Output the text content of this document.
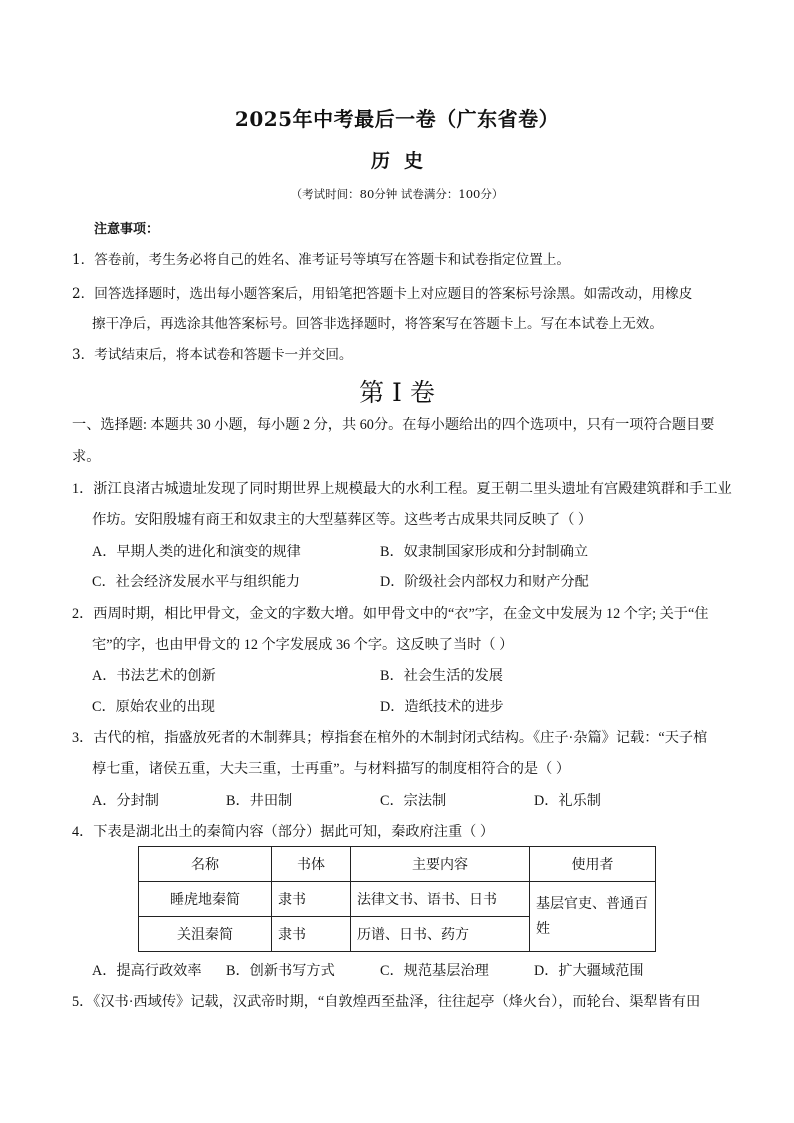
2025年中考最后一卷（广东省卷）
历史
（考试时间：80分钟 试卷满分：100分）
注意事项：
1．答卷前，考生务必将自己的姓名、准考证号等填写在答题卡和试卷指定位置上。
2．回答选择题时，选出每小题答案后，用铅笔把答题卡上对应题目的答案标号涂黑。如需改动，用橡皮
擦干净后，再选涂其他答案标号。回答非选择题时，将答案写在答题卡上。写在本试卷上无效。
3．考试结束后，将本试卷和答题卡一并交回。
第 I 卷
一、选择题: 本题共 30 小题，每小题 2 分，共 60分。在每小题给出的四个选项中，只有一项符合题目要
求。
1．浙江良渚古城遗址发现了同时期世界上规模最大的水利工程。夏王朝二里头遗址有宫殿建筑群和手工业
作坊。安阳殷墟有商王和奴隶主的大型墓葬区等。这些考古成果共同反映了（ ）
A．早期人类的进化和演变的规律	B．奴隶制国家形成和分封制确立
C．社会经济发展水平与组织能力	D．阶级社会内部权力和财产分配
2．西周时期，相比甲骨文，金文的字数大增。如甲骨文中的“衣”字，在金文中发展为 12 个字; 关于“住
宅”的字，也由甲骨文的 12 个字发展成 36 个字。这反映了当时（ ）
A．书法艺术的创新	B．社会生活的发展
C．原始农业的出现	D．造纸技术的进步
3．古代的棺，指盛放死者的木制葬具；椁指套在棺外的木制封闭式结构。《庄子·杂篇》记载：“天子棺
椁七重，诸侯五重，大夫三重，士再重”。与材料描写的制度相符合的是（ ）
A．分封制	B．井田制	C．宗法制	D．礼乐制
4．下表是湖北出土的秦简内容（部分）据此可知，秦政府注重（ ）
名称	书体	主要内容	使用者
睡虎地秦简	隶书	法律文书、语书、日书	基层官吏、普通百
姓

关沮秦简	隶书	历谱、日书、药方	
A．提高行政效率 B．创新书写方式	C．规范基层治理	D．扩大疆域范围
5．《汉书·西域传》记载，汉武帝时期，“自敦煌西至盐泽，往往起亭（烽火台），而轮台、渠犁皆有田
